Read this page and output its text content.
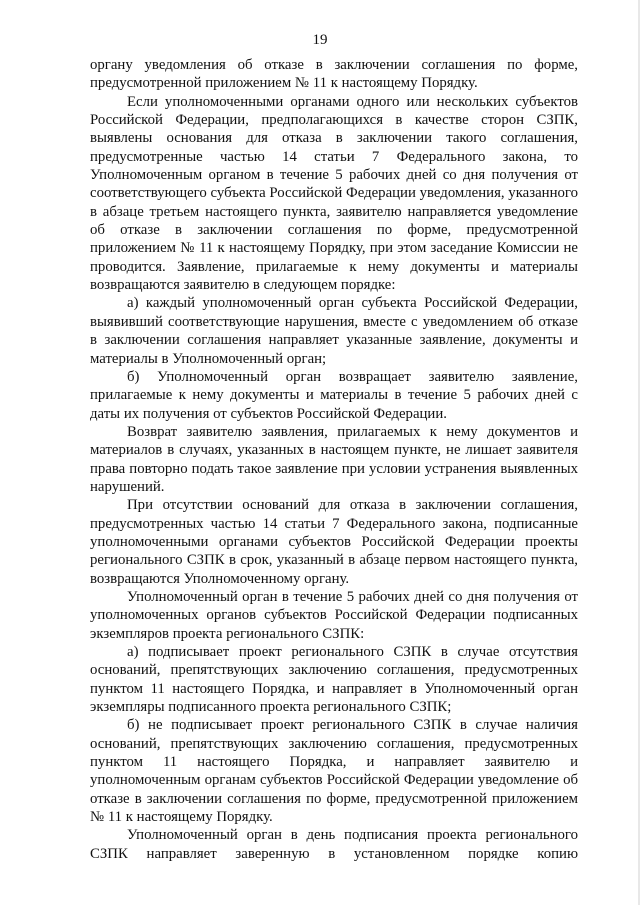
19

органу уведомления об отказе в заключении соглашения по форме, предусмотренной приложением № 11 к настоящему Порядку.

Если уполномоченными органами одного или нескольких субъектов Российской Федерации, предполагающихся в качестве сторон СЗПК, выявлены основания для отказа в заключении такого соглашения, предусмотренные частью 14 статьи 7 Федерального закона, то Уполномоченным органом в течение 5 рабочих дней со дня получения от соответствующего субъекта Российской Федерации уведомления, указанного в абзаце третьем настоящего пункта, заявителю направляется уведомление об отказе в заключении соглашения по форме, предусмотренной приложением № 11 к настоящему Порядку, при этом заседание Комиссии не проводится. Заявление, прилагаемые к нему документы и материалы возвращаются заявителю в следующем порядке:

а) каждый уполномоченный орган субъекта Российской Федерации, выявивший соответствующие нарушения, вместе с уведомлением об отказе в заключении соглашения направляет указанные заявление, документы и материалы в Уполномоченный орган;

б) Уполномоченный орган возвращает заявителю заявление, прилагаемые к нему документы и материалы в течение 5 рабочих дней с даты их получения от субъектов Российской Федерации.

Возврат заявителю заявления, прилагаемых к нему документов и материалов в случаях, указанных в настоящем пункте, не лишает заявителя права повторно подать такое заявление при условии устранения выявленных нарушений.

При отсутствии оснований для отказа в заключении соглашения, предусмотренных частью 14 статьи 7 Федерального закона, подписанные уполномоченными органами субъектов Российской Федерации проекты регионального СЗПК в срок, указанный в абзаце первом настоящего пункта, возвращаются Уполномоченному органу.

Уполномоченный орган в течение 5 рабочих дней со дня получения от уполномоченных органов субъектов Российской Федерации подписанных экземпляров проекта регионального СЗПК:

а) подписывает проект регионального СЗПК в случае отсутствия оснований, препятствующих заключению соглашения, предусмотренных пунктом 11 настоящего Порядка, и направляет в Уполномоченный орган экземпляры подписанного проекта регионального СЗПК;

б) не подписывает проект регионального СЗПК в случае наличия оснований, препятствующих заключению соглашения, предусмотренных пунктом 11 настоящего Порядка, и направляет заявителю и уполномоченным органам субъектов Российской Федерации уведомление об отказе в заключении соглашения по форме, предусмотренной приложением № 11 к настоящему Порядку.

Уполномоченный орган в день подписания проекта регионального СЗПК направляет заверенную в установленном порядке копию
